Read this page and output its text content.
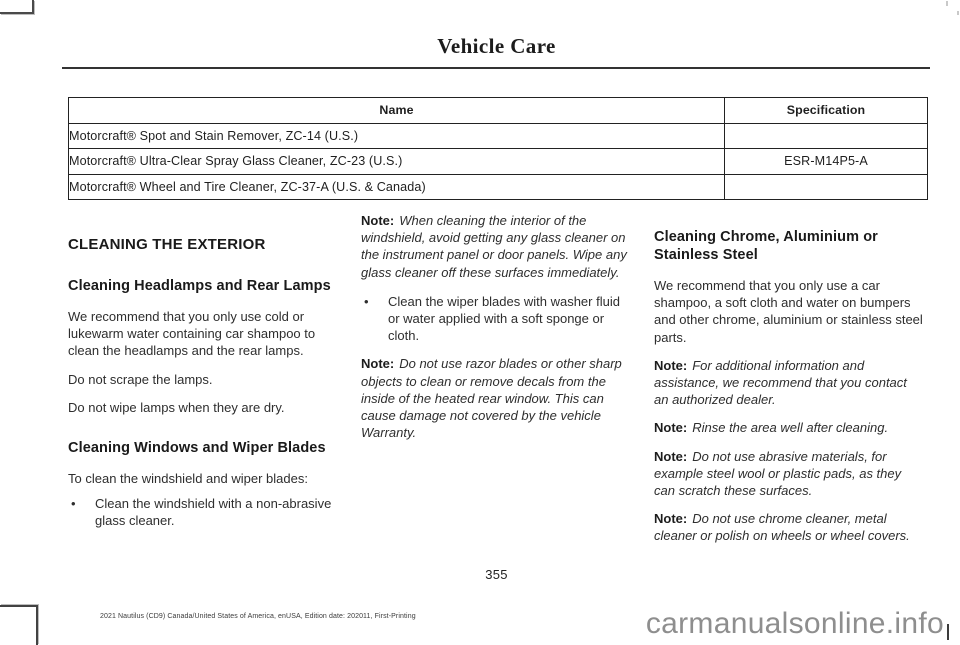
Vehicle Care
Name	Specification
Motorcraft® Spot and Stain Remover, ZC-14 (U.S.)	
Motorcraft® Ultra-Clear Spray Glass Cleaner, ZC-23 (U.S.)	ESR-M14P5-A
Motorcraft® Wheel and Tire Cleaner, ZC-37-A (U.S. & Canada)	
CLEANING THE EXTERIOR
Cleaning Headlamps and Rear Lamps

We recommend that you only use cold or lukewarm water containing car shampoo to clean the headlamps and the rear lamps.

Do not scrape the lamps.

Do not wipe lamps when they are dry.

Cleaning Windows and Wiper Blades

To clean the windshield and wiper blades:

•	Clean the windshield with a non-abrasive glass cleaner.

Note: When cleaning the interior of the windshield, avoid getting any glass cleaner on the instrument panel or door panels. Wipe any glass cleaner off these surfaces immediately.

•	Clean the wiper blades with washer fluid or water applied with a soft sponge or cloth.

Note: Do not use razor blades or other sharp objects to clean or remove decals from the inside of the heated rear window. This can cause damage not covered by the vehicle Warranty.

Cleaning Chrome, Aluminium or Stainless Steel

We recommend that you only use a car shampoo, a soft cloth and water on bumpers and other chrome, aluminium or stainless steel parts.

Note: For additional information and assistance, we recommend that you contact an authorized dealer.

Note: Rinse the area well after cleaning.

Note: Do not use abrasive materials, for example steel wool or plastic pads, as they can scratch these surfaces.

Note: Do not use chrome cleaner, metal cleaner or polish on wheels or wheel covers.

355
2021 Nautilus (CD9) Canada/United States of America, enUSA, Edition date: 202011, First-Printing	carmanualsonline.info
